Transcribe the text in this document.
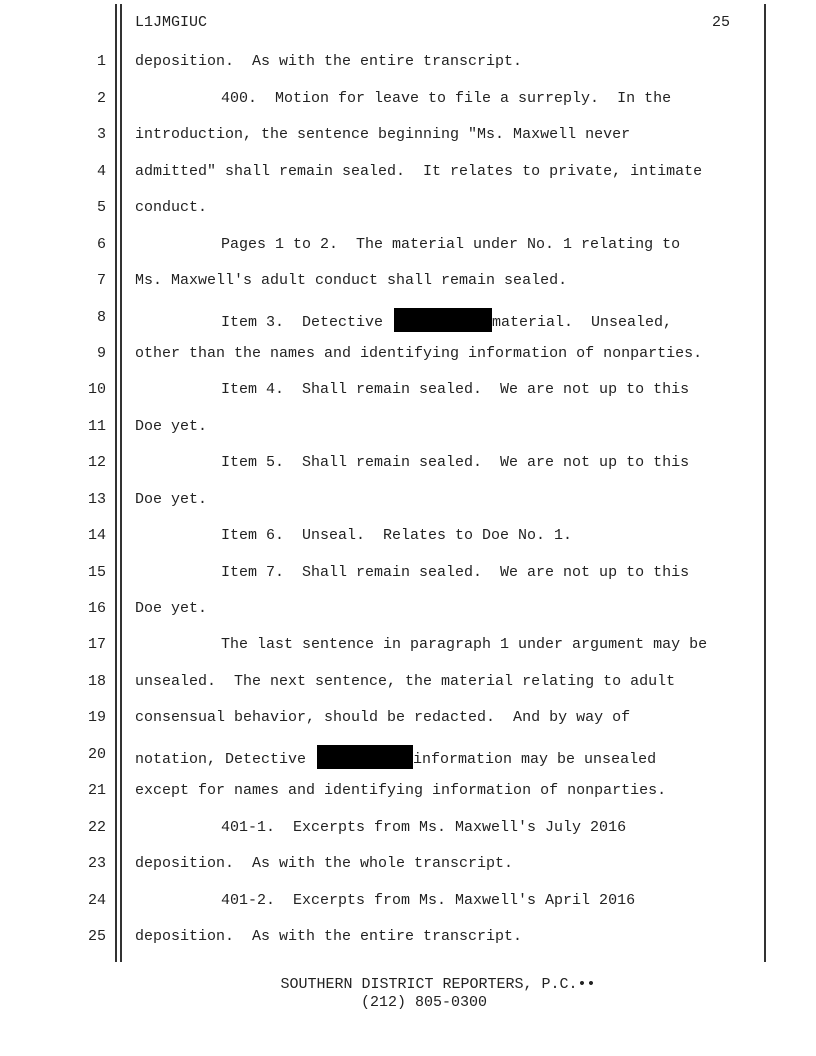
L1JMGIUC	25
1 deposition.  As with the entire transcript.
2	400.  Motion for leave to file a surreply.  In the
3 introduction, the sentence beginning "Ms. Maxwell never
4 admitted" shall remain sealed.  It relates to private, intimate
5 conduct.
6	Pages 1 to 2.  The material under No. 1 relating to
7 Ms. Maxwell's adult conduct shall remain sealed.
8	Item 3.  Detective	material.  Unsealed,
9 other than the names and identifying information of nonparties.
10	Item 4.  Shall remain sealed.  We are not up to this
11 Doe yet.
12	Item 5.  Shall remain sealed.  We are not up to this
13 Doe yet.
14	Item 6.  Unseal.  Relates to Doe No. 1.
15	Item 7.  Shall remain sealed.  We are not up to this
16 Doe yet.
17	The last sentence in paragraph 1 under argument may be
18 unsealed.  The next sentence, the material relating to adult
19 consensual behavior, should be redacted.  And by way of
20 notation, Detective	information may be unsealed
21 except for names and identifying information of nonparties.
22	401-1.  Excerpts from Ms. Maxwell's July 2016
23 deposition.  As with the whole transcript.
24	401-2.  Excerpts from Ms. Maxwell's April 2016
25 deposition.  As with the entire transcript.
SOUTHERN DISTRICT REPORTERS, P.C.••
(212) 805-0300
